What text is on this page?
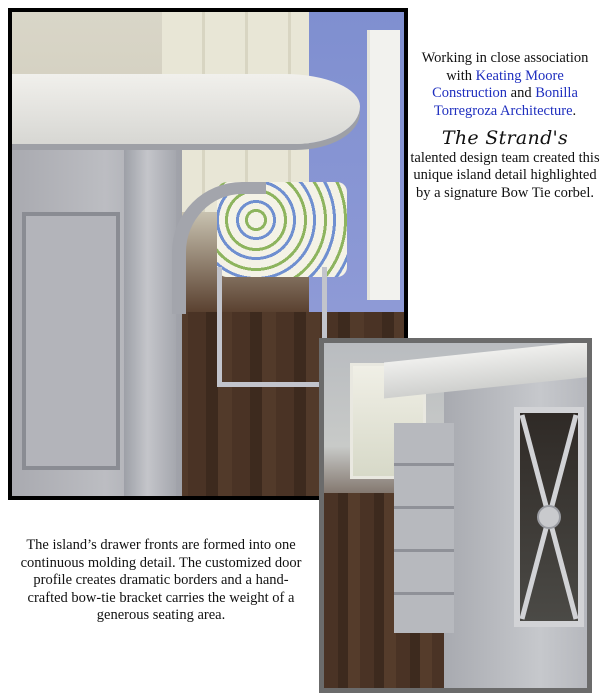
Working in close association with Keating Moore Construction and Bonilla Torregroza Architecture.
The Strand's
talented design team created this unique island detail highlighted by a signature Bow Tie corbel.
The island’s drawer fronts are formed into one continuous molding detail. The customized door profile creates dramatic borders and a hand-crafted bow-tie bracket carries the weight of a generous seating area.
